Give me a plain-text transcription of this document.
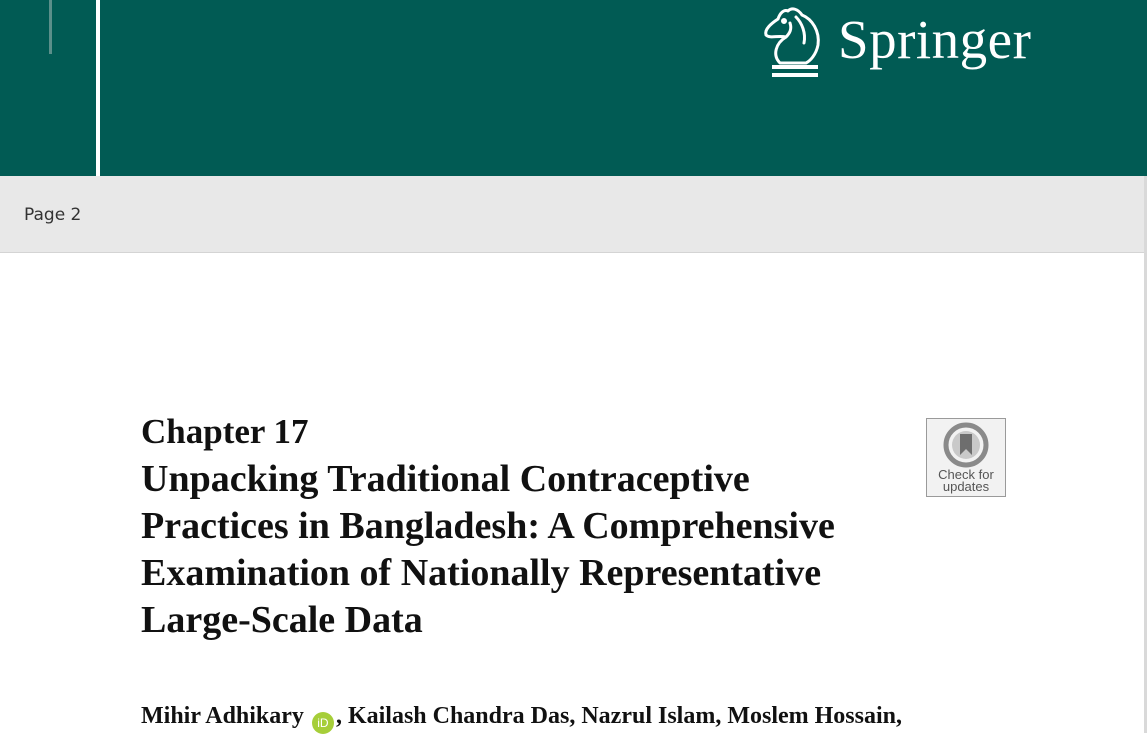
Springer
Page 2
Chapter 17
Unpacking Traditional Contraceptive
Practices in Bangladesh: A Comprehensive
Examination of Nationally Representative
Large-Scale Data
Check for updates
Mihir Adhikary iD , Kailash Chandra Das, Nazrul Islam, Moslem Hossain,
